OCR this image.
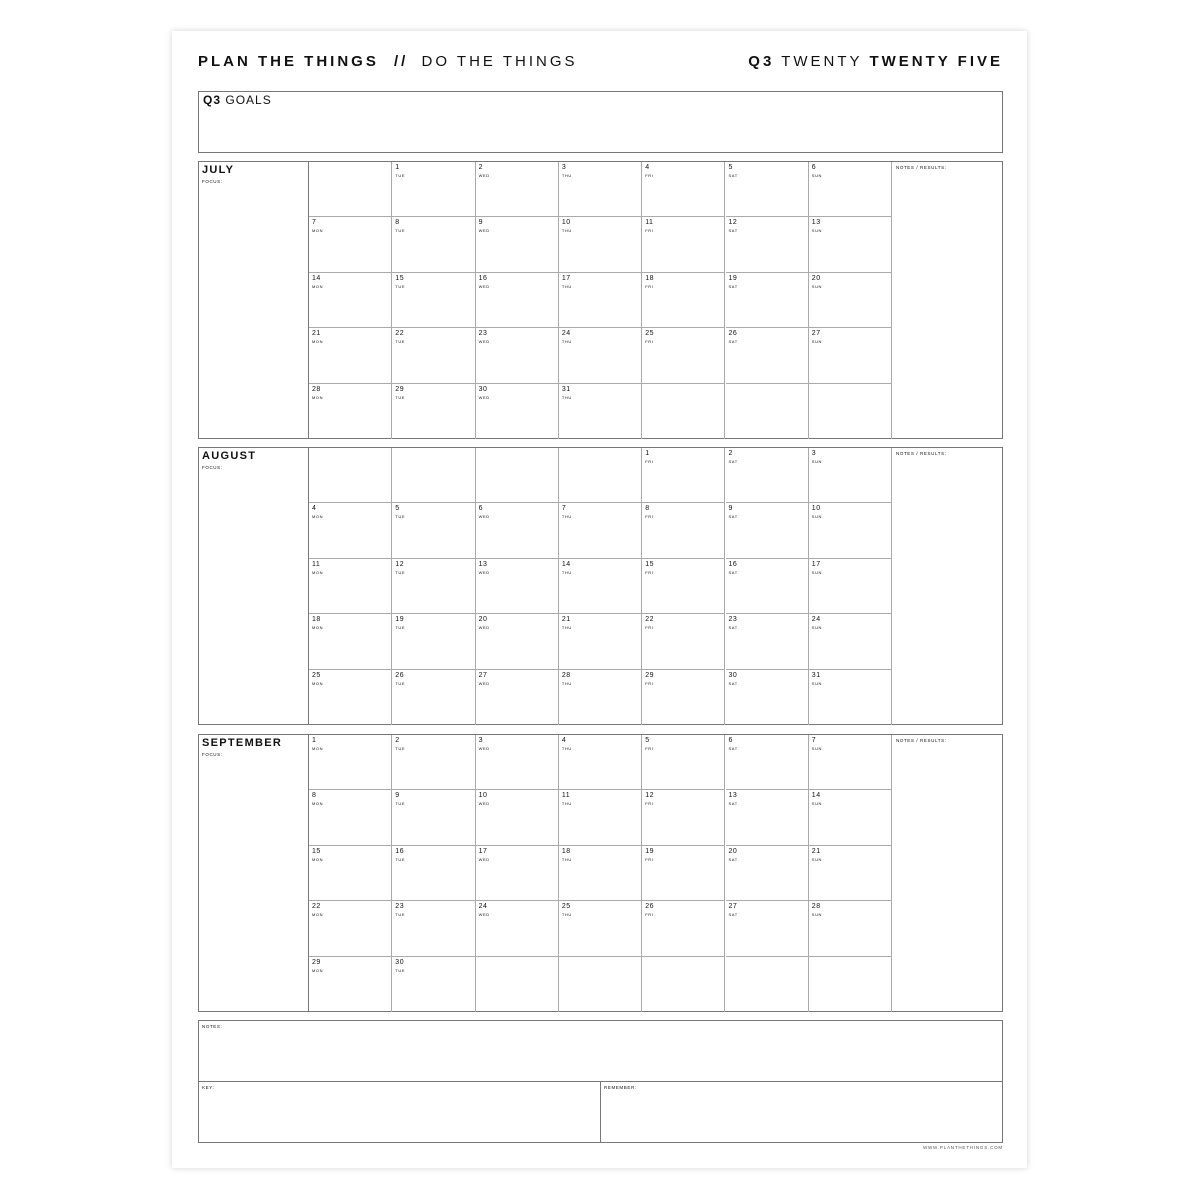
PLAN THE THINGS // DO THE THINGS	Q3 TWENTY TWENTY FIVE
Q3 GOALS
JULY
FOCUS:
1
TUE
2
WED
3
THU
4
FRI
5
SAT
6
SUN
7
MON
8
TUE
9
WED
10
THU
11
FRI
12
SAT
13
SUN
14
MON
15
TUE
16
WED
17
THU
18
FRI
19
SAT
20
SUN
21
MON
22
TUE
23
WED
24
THU
25
FRI
26
SAT
27
SUN
28
MON
29
TUE
30
WED
31
THU
NOTES / RESULTS:
AUGUST
FOCUS:
1
FRI
2
SAT
3
SUN
4
MON
5
TUE
6
WED
7
THU
8
FRI
9
SAT
10
SUN
11
MON
12
TUE
13
WED
14
THU
15
FRI
16
SAT
17
SUN
18
MON
19
TUE
20
WED
21
THU
22
FRI
23
SAT
24
SUN
25
MON
26
TUE
27
WED
28
THU
29
FRI
30
SAT
31
SUN
NOTES / RESULTS:
SEPTEMBER
FOCUS:
1
MON
2
TUE
3
WED
4
THU
5
FRI
6
SAT
7
SUN
8
MON
9
TUE
10
WED
11
THU
12
FRI
13
SAT
14
SUN
15
MON
16
TUE
17
WED
18
THU
19
FRI
20
SAT
21
SUN
22
MON
23
TUE
24
WED
25
THU
26
FRI
27
SAT
28
SUN
29
MON
30
TUE
NOTES / RESULTS:
NOTES:
KEY:	REMEMBER:
WWW.PLANTHETHINGS.COM
